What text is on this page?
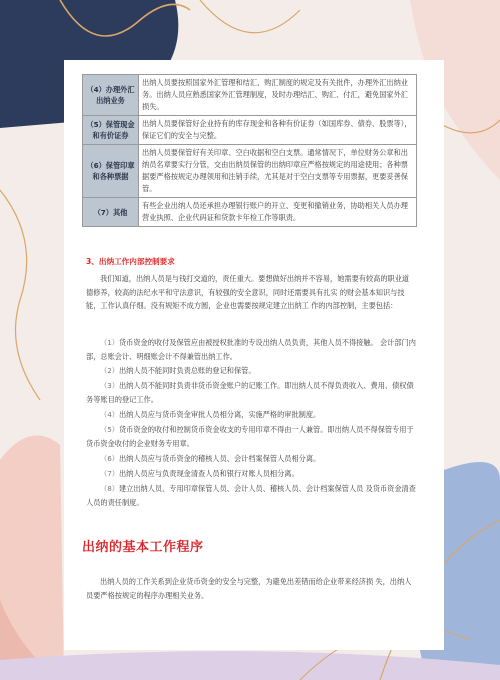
（4）办理外汇
出纳业务	出纳人员要按照国家外汇管理和结汇、购汇制度的规定及有关批件，办理外汇出纳业务。出纳人员应熟悉国家外汇管理制度，及时办理结汇、购汇、付汇，避免国家外汇损失。

（5）保管现金
和有价证券	出纳人员要保管好企业持有的库存现金和各种有价证券（如国库券、债券、股票等），保证它们的安全与完整。

（6）保管印章
和各种票据	出纳人员要保管好有关印章、空白收据和空白支票。通常情况下，单位财务公章和出纳员名章要实行分管，交由出纳员保管的出纳印章应严格按规定的用途使用；各种票据要严格按规定办理领用和注销手续，尤其是对于空白支票等专用票据，更要妥善保管。

（7）其他	有些企业出纳人员还承担办理银行账户的开立、变更和撤销业务，协助相关人员办理营业执照、企业代码证和贷款卡年检工作等职责。
3、出纳工作内部控制要求

我们知道，出纳人员是与钱打交道的，责任重大。要想做好出纳并不容易，她需要有较高的职业道德修养，较高的法纪水平和守法意识，有较强的安全意识，同时还需要具有扎实 的财会基本知识与技能，工作认真仔细。没有规矩不成方圆，企业也需要按规定建立出纳工 作的内部控制，主要包括：

（1）货币资金的收付及保管应由被授权批准的专设出纳人员负责，其他人员不得接触。 会计部门内部，总账会计、明细账会计不得兼管出纳工作。

（2）出纳人员不能同时负责总账的登记和保管。

（3）出纳人员不能同时负责非货币资金账户的记账工作。即出纳人员不得负责收入、费用、债权债务等账目的登记工作。

（4）出纳人员应与货币资金审批人员相分离，实施严格的审批制度。

（5）货币资金的收付和控制货币资金收支的专用印章不得由一人兼管。即出纳人员不得保管专用于货币资金收付的企业财务专用章。

（6）出纳人员应与货币资金的稽核人员、会计档案保管人员相分离。

（7）出纳人员应与负责现金清查人员和银行对账人员相分离。

（8）建立出纳人员、专用印章保管人员、会计人员、稽核人员、会计档案保管人员 及货币资金清查人员的责任制度。

出纳的基本工作程序

出纳人员的工作关系到企业货币资金的安全与完整，为避免出差错而给企业带来经济损 失，出纳人员要严格按规定的程序办理相关业务。
